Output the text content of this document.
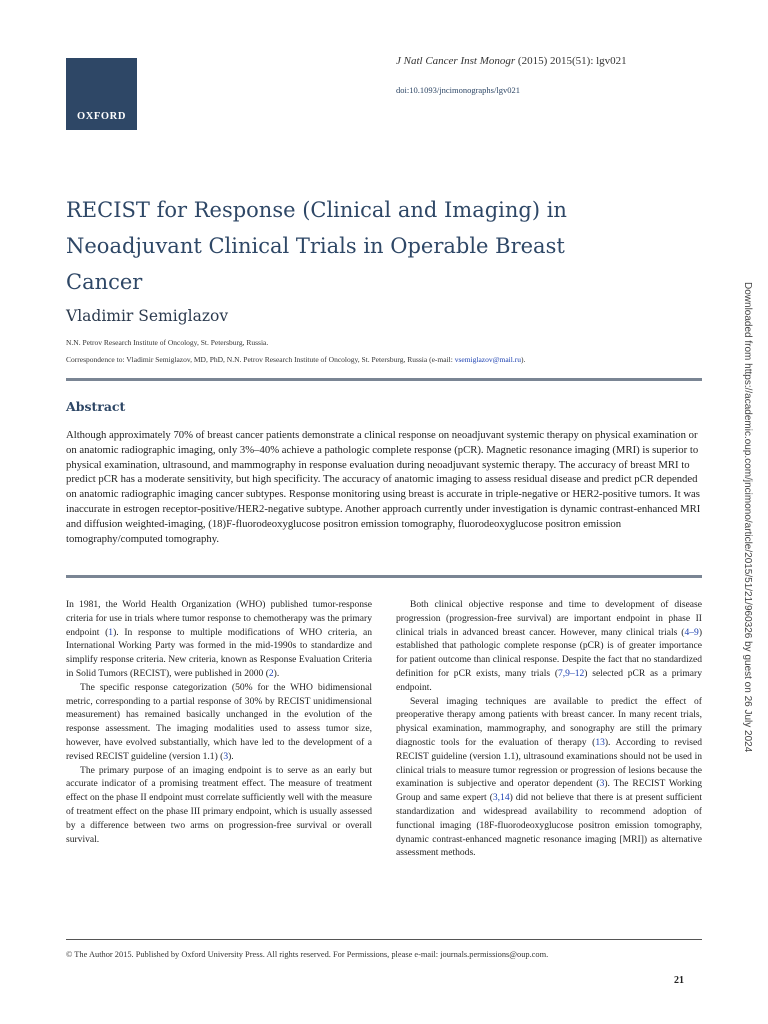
OXFORD
J Natl Cancer Inst Monogr (2015) 2015(51): lgv021
doi:10.1093/jncimonographs/lgv021
RECIST for Response (Clinical and Imaging) in Neoadjuvant Clinical Trials in Operable Breast Cancer
Vladimir Semiglazov
N.N. Petrov Research Institute of Oncology, St. Petersburg, Russia.
Correspondence to: Vladimir Semiglazov, MD, PhD, N.N. Petrov Research Institute of Oncology, St. Petersburg, Russia (e-mail: vsemiglazov@mail.ru).
Abstract
Although approximately 70% of breast cancer patients demonstrate a clinical response on neoadjuvant systemic therapy on physical examination or on anatomic radiographic imaging, only 3%–40% achieve a pathologic complete response (pCR). Magnetic resonance imaging (MRI) is superior to physical examination, ultrasound, and mammography in response evaluation during neoadjuvant systemic therapy. The accuracy of breast MRI to predict pCR has a moderate sensitivity, but high specificity. The accuracy of anatomic imaging to assess residual disease and predict pCR depended on anatomic radiographic imaging cancer subtypes. Response monitoring using breast is accurate in triple-negative or HER2-positive tumors. It was inaccurate in estrogen receptor-positive/HER2-negative subtype. Another approach currently under investigation is dynamic contrast-enhanced MRI and diffusion weighted-imaging, (18)F-fluorodeoxyglucose positron emission tomography, fluorodeoxyglucose positron emission tomography/computed tomography.

In 1981, the World Health Organization (WHO) published tumor-response criteria for use in trials where tumor response to chemotherapy was the primary endpoint (1). In response to multiple modifications of WHO criteria, an International Working Party was formed in the mid-1990s to standardize and simplify response criteria. New criteria, known as Response Evaluation Criteria in Solid Tumors (RECIST), were published in 2000 (2).

The specific response categorization (50% for the WHO bidimensional metric, corresponding to a partial response of 30% by RECIST unidimensional measurement) has remained basically unchanged in the evolution of the response assessment. The imaging modalities used to assess tumor size, however, have evolved substantially, which have led to the development of a revised RECIST guideline (version 1.1) (3).

The primary purpose of an imaging endpoint is to serve as an early but accurate indicator of a promising treatment effect. The measure of treatment effect on the phase II endpoint must correlate sufficiently well with the measure of treatment effect on the phase III primary endpoint, which is usually assessed by a difference between two arms on progression-free survival or overall survival.

Both clinical objective response and time to development of disease progression (progression-free survival) are important endpoint in phase II clinical trials in advanced breast cancer. However, many clinical trials (4–9) established that pathologic complete response (pCR) is of greater importance for patient outcome than clinical response. Despite the fact that no standardized definition for pCR exists, many trials (7,9–12) selected pCR as a primary endpoint.

Several imaging techniques are available to predict the effect of preoperative therapy among patients with breast cancer. In many recent trials, physical examination, mammography, and sonography are still the primary diagnostic tools for the evaluation of therapy (13). According to revised RECIST guideline (version 1.1), ultrasound examinations should not be used in clinical trials to measure tumor regression or progression of lesions because the examination is subjective and operator dependent (3). The RECIST Working Group and same expert (3,14) did not believe that there is at present sufficient standardization and widespread availability to recommend adoption of functional imaging (18F-fluorodeoxyglucose positron emission tomography, dynamic contrast-enhanced magnetic resonance imaging [MRI]) as alternative assessment methods.

© The Author 2015. Published by Oxford University Press. All rights reserved. For Permissions, please e-mail: journals.permissions@oup.com.
21
Downloaded from https://academic.oup.com/jncimono/article/2015/51/21/960326 by guest on 26 July 2024
